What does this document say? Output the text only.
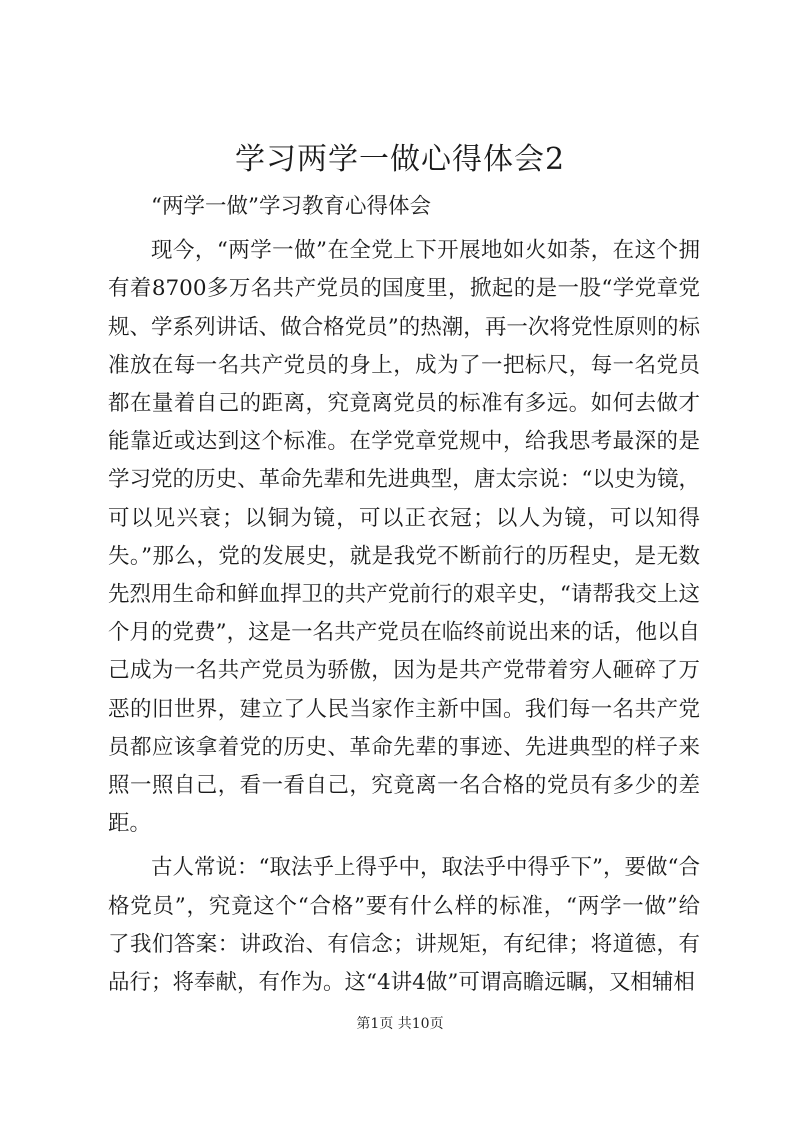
学习两学一做心得体会2

“两学一做”学习教育心得体会

现今，“两学一做”在全党上下开展地如火如荼，在这个拥有着8700多万名共产党员的国度里，掀起的是一股“学党章党规、学系列讲话、做合格党员”的热潮，再一次将党性原则的标准放在每一名共产党员的身上，成为了一把标尺，每一名党员都在量着自己的距离，究竟离党员的标准有多远。如何去做才能靠近或达到这个标准。在学党章党规中，给我思考最深的是学习党的历史、革命先辈和先进典型，唐太宗说：“以史为镜，可以见兴衰；以铜为镜，可以正衣冠；以人为镜，可以知得失。”那么，党的发展史，就是我党不断前行的历程史，是无数先烈用生命和鲜血捍卫的共产党前行的艰辛史，“请帮我交上这个月的党费”，这是一名共产党员在临终前说出来的话，他以自己成为一名共产党员为骄傲，因为是共产党带着穷人砸碎了万恶的旧世界，建立了人民当家作主新中国。我们每一名共产党员都应该拿着党的历史、革命先辈的事迹、先进典型的样子来照一照自己，看一看自己，究竟离一名合格的党员有多少的差距。

古人常说：“取法乎上得乎中，取法乎中得乎下”，要做“合格党员”，究竟这个“合格”要有什么样的标准，“两学一做”给了我们答案：讲政治、有信念；讲规矩，有纪律；将道德，有品行；将奉献，有作为。这“4讲4做”可谓高瞻远瞩，又相辅相

第1页 共10页
